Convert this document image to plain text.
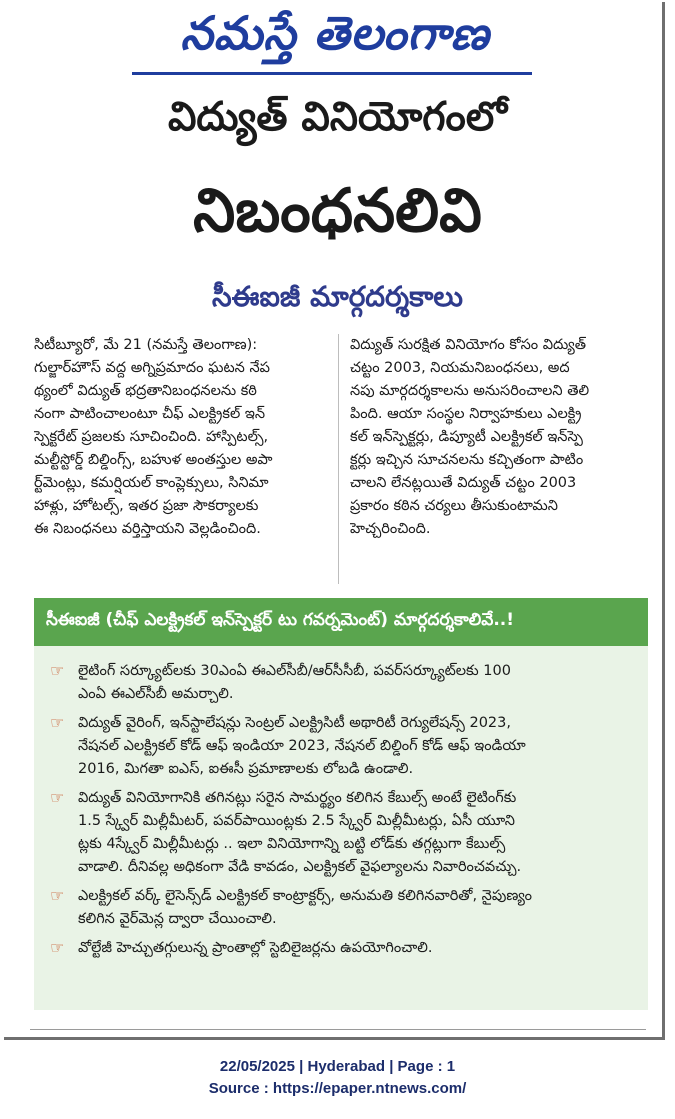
నమస్తే తెలంగాణ
విద్యుత్ వినియోగంలో
నిబంధనలివి
సీఈఐజీ మార్గదర్శకాలు
సిటీబ్యూరో, మే 21 (నమస్తే తెలంగాణ):
గుల్జార్‌హౌస్ వద్ద అగ్నిప్రమాదం ఘటన నేప
థ్యంలో విద్యుత్ భద్రతానిబంధనలను కఠి
నంగా పాటించాలంటూ చీఫ్ ఎలక్ట్రికల్ ఇన్
స్పెక్టరేట్ ప్రజలకు సూచించింది. హాస్పిటల్స్,
మల్టీస్టోర్డ్ బిల్డింగ్స్, బహుళ అంతస్తుల అపా
ర్ట్‌మెంట్లు, కమర్షియల్ కాంప్లెక్సులు, సినిమా
హాళ్లు, హోటల్స్, ఇతర ప్రజా సౌకర్యాలకు
ఈ నిబంధనలు వర్తిస్తాయని వెల్లడించింది.
విద్యుత్ సురక్షిత వినియోగం కోసం విద్యుత్
చట్టం 2003, నియమనిబంధనలు, అద
నపు మార్గదర్శకాలను అనుసరించాలని తెలి
పింది. ఆయా సంస్థల నిర్వాహకులు ఎలక్ట్రి
కల్ ఇన్‌స్పెక్టర్లు, డిప్యూటీ ఎలక్ట్రికల్ ఇన్‌స్పె
క్టర్లు ఇచ్చిన సూచనలను కచ్చితంగా పాటిం
చాలని లేనట్లయితే విద్యుత్ చట్టం 2003
ప్రకారం కఠిన చర్యలు తీసుకుంటామని
హెచ్చరించింది.
సీఈఐజీ (చీఫ్ ఎలక్ట్రికల్ ఇన్‌స్పెక్టర్ టు గవర్నమెంట్) మార్గదర్శకాలివే..!
☞ లైటింగ్ సర్క్యూట్‌లకు 30ఎంఏ ఈఎల్‌సీబీ/ఆర్‌సీసీబీ, పవర్‌సర్క్యూట్‌లకు 100
ఎంఏ ఈఎల్‌సీబీ అమర్చాలి.
☞ విద్యుత్ వైరింగ్, ఇన్‌స్టాలేషన్లు సెంట్రల్ ఎలక్ట్రిసిటీ అథారిటీ రెగ్యులేషన్స్ 2023,
నేషనల్ ఎలక్ట్రికల్ కోడ్ ఆఫ్ ఇండియా 2023, నేషనల్ బిల్డింగ్ కోడ్ ఆఫ్ ఇండియా
2016, మిగతా ఐఎస్, ఐఈసీ ప్రమాణాలకు లోబడి ఉండాలి.
☞ విద్యుత్ వినియోగానికి తగినట్లు సరైన సామర్థ్యం కలిగిన కేబుల్స్ అంటే లైటింగ్‌కు
1.5 స్క్వేర్ మిల్లీమీటర్, పవర్‌పాయింట్లకు 2.5 స్క్వేర్ మిల్లీమీటర్లు, ఏసీ యూని
ట్లకు 4స్క్వేర్ మిల్లీమీటర్లు .. ఇలా వినియోగాన్ని బట్టి లోడ్‌కు తగ్గట్లుగా కేబుల్స్
వాడాలి. దీనివల్ల అధికంగా వేడి కావడం, ఎలక్ట్రికల్ వైఫల్యాలను నివారించవచ్చు.
☞ ఎలక్ట్రికల్ వర్క్ లైసెన్స్‌డ్ ఎలక్ట్రికల్ కాంట్రాక్టర్స్, అనుమతి కలిగినవారితో, నైపుణ్యం
కలిగిన వైర్‌మెన్ల ద్వారా చేయించాలి.
☞ వోల్టేజీ హెచ్చుతగ్గులున్న ప్రాంతాల్లో స్టెబిలైజర్లను ఉపయోగించాలి.
22/05/2025 | Hyderabad | Page : 1
Source : https://epaper.ntnews.com/
